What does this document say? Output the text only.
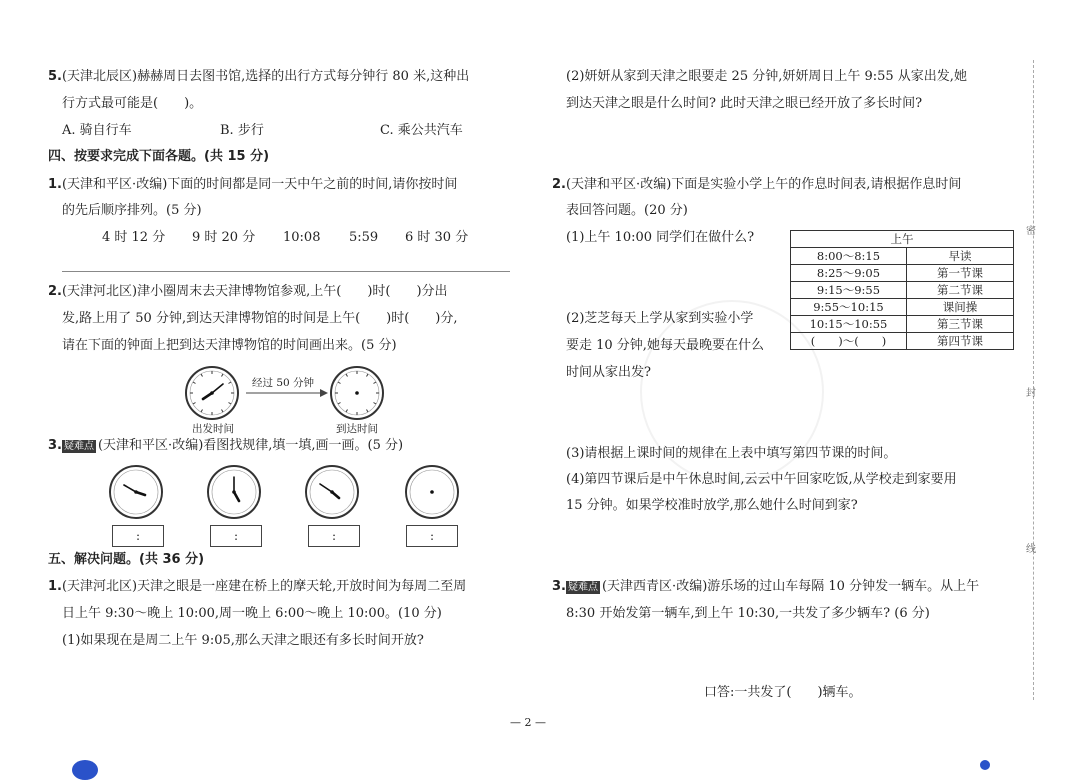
5.(天津北辰区)赫赫周日去图书馆,选择的出行方式每分钟行 80 米,这种出
行方式最可能是(　　)。
A. 骑自行车	B. 步行	C. 乘公共汽车
四、按要求完成下面各题。(共 15 分)
1.(天津和平区·改编)下面的时间都是同一天中午之前的时间,请你按时间
的先后顺序排列。(5 分)
4 时 12 分 9 时 20 分 10:08 5:59 6 时 30 分
2.(天津河北区)津小圈周末去天津博物馆参观,上午(　　)时(　　)分出
发,路上用了 50 分钟,到达天津博物馆的时间是上午(　　)时(　　)分,
请在下面的钟面上把到达天津博物馆的时间画出来。(5 分)
经过 50 分钟
出发时间	到达时间
3. 疑难点 (天津和平区·改编)看图找规律,填一填,画一画。(5 分)
:	:	:	:
五、解决问题。(共 36 分)
1.(天津河北区)天津之眼是一座建在桥上的摩天轮,开放时间为每周二至周
日上午 9:30～晚上 10:00,周一晚上 6:00～晚上 10:00。(10 分)
(1)如果现在是周二上午 9:05,那么天津之眼还有多长时间开放?
(2)妍妍从家到天津之眼要走 25 分钟,妍妍周日上午 9:55 从家出发,她
到达天津之眼是什么时间? 此时天津之眼已经开放了多长时间?
2.(天津和平区·改编)下面是实验小学上午的作息时间表,请根据作息时间
表回答问题。(20 分)
(1)上午 10:00 同学们在做什么?	上午	
8:00～8:15	早读
8:25～9:05	第一节课
9:15～9:55	第二节课
9:55～10:15	课间操
10:15～10:55	第三节课
(　　)～(　　)	第四节课
(2)芝芝每天上学从家到实验小学
要走 10 分钟,她每天最晚要在什么
时间从家出发?
(3)请根据上课时间的规律在上表中填写第四节课的时间。
(4)第四节课后是中午休息时间,云云中午回家吃饭,从学校走到家要用
15 分钟。如果学校准时放学,那么她什么时间到家?
3. 疑难点 (天津西青区·改编)游乐场的过山车每隔 10 分钟发一辆车。从上午
8:30 开始发第一辆车,到上午 10:30,一共发了多少辆车? (6 分)
口答:一共发了(　　)辆车。
密
封
线
— 2 —
